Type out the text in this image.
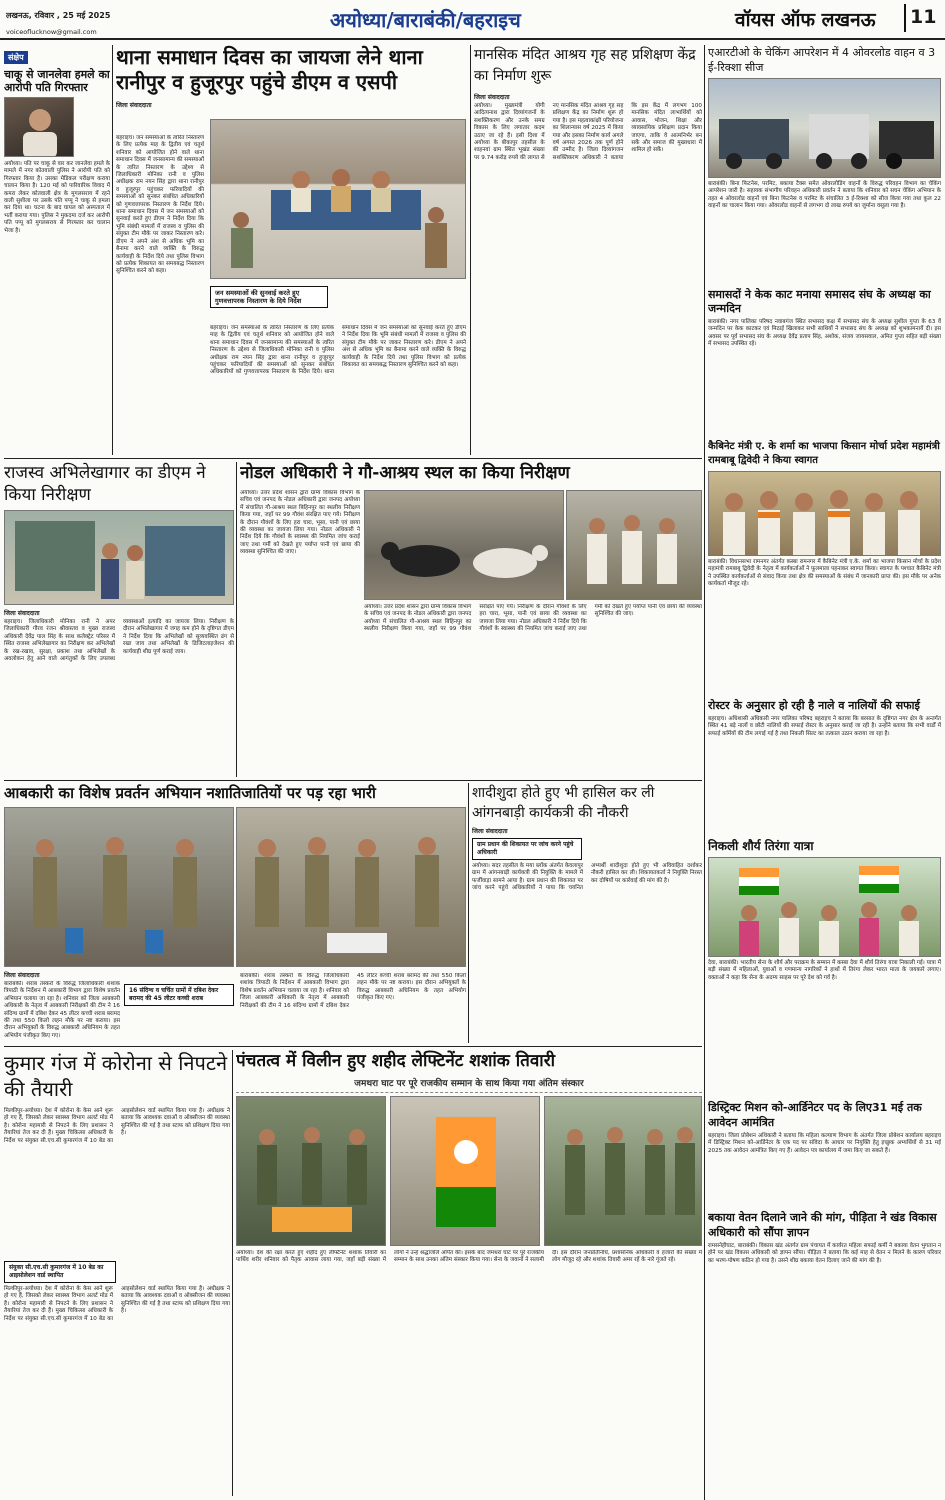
लखनऊ, रविवार , 25 मई 2025
voiceoflucknow@gmail.com	अयोध्या/बाराबंकी/बहराइच	वॉयस ऑफ लखनऊ 11
संक्षेप
चाकू से जानलेवा हमले का आरोपी पति गिरफ्तार
अयोध्या। पति पर चाकू से वार कर जानलेवा हमले के मामले में नगर कोतवाली पुलिस ने आरोपी पति को गिरफ्तार किया है। उसका मेडिकल परीक्षण कराया चालान किया है। 120 मई को पारिवारिक विवाद में कमरा लेकर कोतवाली क्षेत्र के मुगलसराय में रहने वाली सुशीला पर उसके पति पप्पू ने चाकू से हमला कर दिया था। घटना के बाद घायल को अस्पताल में भर्ती कराया गया। पुलिस ने मुकदमा दर्ज कर आरोपी पति पप्पू को मुगलसराय से गिरफ्तार कर चालान भेजा है।
थाना समाधान दिवस का जायजा लेने थाना रानीपुर व हुजूरपुर पहुंचे डीएम व एसपी
जिला संवाददाता
बहराइच। जन समस्याओं के त्वरित निस्तारण के लिए प्रत्येक माह के द्वितीय एवं चतुर्थ शनिवार को आयोजित होने वाले थाना समाधान दिवस में जनसामान्य की समस्याओं के त्वरित निस्तारण के उद्देश्य से जिलाधिकारी मोनिका रानी व पुलिस अधीक्षक राम नयन सिंह द्वारा थाना रानीपुर व हुजूरपुर पहुंचकर फरियादियों की समस्याओं को सुनकर संबंधित अधिकारियों को गुणवत्तापरक निस्तारण के निर्देश दिये। थाना समाधान दिवस में जन समस्याओं को सुनवाई करते हुए डीएम ने निर्देश दिया कि भूमि संबंधी मामलों में राजस्व व पुलिस की संयुक्त टीम मौके पर जाकर निस्तारण करे। डीएम ने अपने अंश से अधिक भूमि का बैनामा करने वाले व्यक्ति के विरुद्ध कार्यवाही के निर्देश दिये तथा पुलिस विभाग को प्रत्येक शिकायत का समयबद्ध निस्तारण सुनिश्चित करने को कहा।
जन समस्याओं की सुनवाई करते हुए गुणवत्तापरक निस्तारण के दिये निर्देश
बहराइच। जन समस्याओं के त्वरित निस्तारण के लिए प्रत्येक माह के द्वितीय एवं चतुर्थ शनिवार को आयोजित होने वाले थाना समाधान दिवस में जनसामान्य की समस्याओं के त्वरित निस्तारण के उद्देश्य से जिलाधिकारी मोनिका रानी व पुलिस अधीक्षक राम नयन सिंह द्वारा थाना रानीपुर व हुजूरपुर पहुंचकर फरियादियों की समस्याओं को सुनकर संबंधित अधिकारियों को गुणवत्तापरक निस्तारण के निर्देश दिये। थाना समाधान दिवस में जन समस्याओं को सुनवाई करते हुए डीएम ने निर्देश दिया कि भूमि संबंधी मामलों में राजस्व व पुलिस की संयुक्त टीम मौके पर जाकर निस्तारण करे। डीएम ने अपने अंश से अधिक भूमि का बैनामा करने वाले व्यक्ति के विरुद्ध कार्यवाही के निर्देश दिये तथा पुलिस विभाग को प्रत्येक शिकायत का समयबद्ध निस्तारण सुनिश्चित करने को कहा।
मानसिक मंदित आश्रय गृह सह प्रशिक्षण केंद्र का निर्माण शुरू
जिला संवाददाता
अयोध्या। मुख्यमंत्री योगी आदित्यनाथ द्वारा दिव्यांगजनों के सशक्तिकरण और उनके समग्र विकास के लिए लगातार कदम उठाए जा रहे हैं। इसी दिशा में अयोध्या के बीकापुर तहसील के शाहनवां ग्राम स्थित भूखंड संख्या पर 9.74 करोड़ रुपये की लागत से नए मानसिक मंदित आश्रय गृह सह प्रशिक्षण केंद्र का निर्माण शुरू हो गया है। इस महत्वाकांक्षी परियोजना का शिलान्यास वर्ष 2025 में किया गया और इसका निर्माण कार्य अगले वर्ष अगस्त 2026 तक पूर्ण होने की उम्मीद है। जिला दिव्यांगजन सशक्तिकरण अधिकारी ने बताया कि इस केंद्र में लगभग 100 मानसिक मंदित लाभार्थियों को आवास, भोजन, शिक्षा और व्यावसायिक प्रशिक्षण प्रदान किया जाएगा, ताकि वे आत्मनिर्भर बन सकें और समाज की मुख्यधारा में शामिल हो सकें।
एआरटीओ के चेकिंग आपरेशन में 4 ओवरलोड वाहन व 3 ई-रिक्शा सीज
बाराबंकी। बिना फिटनेस, परमिट, बकाया टैक्स समेत ओवरलोडिंग वाहनों के विरुद्ध परिवहन विभाग का चेकिंग आपरेशन जारी है। सहायक संभागीय परिवहन अधिकारी प्रवर्तन ने बताया कि शनिवार को सघन चेकिंग अभियान के तहत 4 ओवरलोड वाहनों एवं बिना फिटनेस व परमिट के संचालित 3 ई-रिक्शा को सीज किया गया तथा कुल 22 वाहनों का चालान किया गया। ओवरलोड वाहनों से लगभग दो लाख रुपये का जुर्माना वसूला गया है।
समासदों ने केक काट मनाया समासद संघ के अध्यक्ष का जन्मदिन
बाराबंकी। नगर पालिका परिषद नवाबगंज स्थित सभासद कक्ष में सभासद संघ के अध्यक्ष सुशील गुप्ता के 63 वें जन्मदिन पर केक काटकर एवं मिठाई खिलाकर सभी साथियों ने सभासद संघ के अध्यक्ष को शुभकामनायें दी। इस अवसर पर पूर्व सभासद संघ के अध्यक्ष देवेंद्र प्रताप सिंह, अशोक, संजय जायसवाल, अमित गुप्ता सहित बड़ी संख्या में सभासद उपस्थित रहे।
कैबिनेट मंत्री ए. के शर्मा का भाजपा किसान मोर्चा प्रदेश महामंत्री रामबाबू द्विवेदी ने किया स्वागत
बाराबंकी। विधानसभा रामनगर अंतर्गत कस्बा रामनगर में कैबिनेट मंत्री ए.के. शर्मा का भाजपा किसान मोर्चा के प्रदेश महामंत्री रामबाबू द्विवेदी के नेतृत्व में कार्यकर्ताओं ने फूलमाला पहनाकर स्वागत किया। स्वागत के पश्चात कैबिनेट मंत्री ने उपस्थित कार्यकर्ताओं से संवाद किया तथा क्षेत्र की समस्याओं के संबंध में जानकारी प्राप्त की। इस मौके पर अनेक कार्यकर्ता मौजूद रहे।
रोस्टर के अनुसार हो रही है नाले व नालियों की सफाई
बहराइच। अधिशासी अधिकारी नगर पालिका परिषद बहराइच ने बताया कि बरसात के दृष्टिगत नगर क्षेत्र के अन्तर्गत स्थित 41 बड़े नालों व छोटी नालियों की सफाई रोस्टर के अनुसार कराई जा रही है। उन्होंने बताया कि सभी वार्डों में सफाई कर्मियों की टीम लगाई गई है तथा निकली सिल्ट का तत्काल उठान कराया जा रहा है।
निकली शौर्य तिरंगा यात्रा
देवा, बाराबंकी। भारतीय सेना के शौर्य और पराक्रम के सम्मान में कस्बा देवा में शौर्य तिरंगा यात्रा निकाली गई। यात्रा में बड़ी संख्या में महिलाओं, युवाओं व गणमान्य नागरिकों ने हाथों में तिरंगा लेकर भारत माता के जयकारे लगाए। वक्ताओं ने कहा कि सेना के अदम्य साहस पर पूरे देश को गर्व है।
डिस्ट्रिक्ट मिशन को-आर्डिनेटर पद के लिए31 मई तक आवेदन आमंत्रित
बहराइच। जिला प्रोबेशन अधिकारी ने बताया कि महिला कल्याण विभाग के अंतर्गत जिला प्रोबेशन कार्यालय बहराइच में डिस्ट्रिक्ट मिशन को-आर्डिनेटर के एक पद पर संविदा के आधार पर नियुक्ति हेतु इच्छुक अभ्यर्थियों से 31 मई 2025 तक आवेदन आमंत्रित किए गए हैं। आवेदन पत्र कार्यालय में जमा किए जा सकते हैं।
बकाया वेतन दिलाने जाने की मांग, पीड़िता ने खंड विकास अधिकारी को सौंपा ज्ञापन
रामसनेहीघाट, बाराबंकी। विकास खंड अंतर्गत ग्राम पंचायत में कार्यरत महिला सफाई कर्मी ने बकाया वेतन भुगतान न होने पर खंड विकास अधिकारी को ज्ञापन सौंपा। पीड़िता ने बताया कि कई माह से वेतन न मिलने के कारण परिवार का भरण-पोषण कठिन हो गया है। उसने शीघ्र बकाया वेतन दिलाए जाने की मांग की है।
राजस्व अभिलेखागार का डीएम ने किया निरीक्षण
जिला संवाददाता
बहराइच। जिलाधिकारी मोनिका रानी ने अपर जिलाधिकारी गौरव रंजन श्रीवास्तव व मुख्य राजस्व अधिकारी देवेंद्र पाल सिंह के साथ कलेक्ट्रेट परिसर में स्थित राजस्व अभिलेखागार का निरीक्षण कर अभिलेखों के रख-रखाव, सुरक्षा, प्रकाश तथा अभिलेखों के अवलोकन हेतु आने वाले आगंतुकों के लिए उपलब्ध व्यवस्थाओं इत्यादि का जायजा लिया। निरीक्षण के दौरान अभिलेखागार में जगह कम होने के दृष्टिगत डीएम ने निर्देश दिया कि अभिलेखों को सुव्यवस्थित ढंग से रखा जाय तथा अभिलेखों के डिजिटलाइजेशन की कार्यवाही शीघ्र पूर्ण कराई जाय।
नोडल अधिकारी ने गौ-आश्रय स्थल का किया निरीक्षण
अयोध्या। उत्तर प्रदेश शासन द्वारा ग्राम्य विकास विभाग के सचिव एवं जनपद के नोडल अधिकारी द्वारा जनपद अयोध्या में संचालित गौ-आश्रय स्थल बिहिनपुर का स्थलीय निरीक्षण किया गया, जहाँ पर 99 गौवंश संरक्षित पाए गये। निरीक्षण के दौरान गौवंशों के लिए हरा चारा, भूसा, पानी एवं छाया की व्यवस्था का जायजा लिया गया। नोडल अधिकारी ने निर्देश दिये कि गौवंशों के स्वास्थ्य की नियमित जांच कराई जाए तथा गर्मी को देखते हुए पर्याप्त पानी एवं छाया की व्यवस्था सुनिश्चित की जाए।
अयोध्या। उत्तर प्रदेश शासन द्वारा ग्राम्य विकास विभाग के सचिव एवं जनपद के नोडल अधिकारी द्वारा जनपद अयोध्या में संचालित गौ-आश्रय स्थल बिहिनपुर का स्थलीय निरीक्षण किया गया, जहाँ पर 99 गौवंश संरक्षित पाए गये। निरीक्षण के दौरान गौवंशों के लिए हरा चारा, भूसा, पानी एवं छाया की व्यवस्था का जायजा लिया गया। नोडल अधिकारी ने निर्देश दिये कि गौवंशों के स्वास्थ्य की नियमित जांच कराई जाए तथा गर्मी को देखते हुए पर्याप्त पानी एवं छाया की व्यवस्था सुनिश्चित की जाए।
आबकारी का विशेष प्रवर्तन अभियान नशातिजातियों पर पड़ रहा भारी
जिला संवाददाता
16 संदिग्ध व चर्चित ग्रामों में दबिश देकर बरामद की 45 लीटर कच्ची शराब
बाराबंकी। शराब तस्करों के विरुद्ध जिलाधिकारी शशांक त्रिपाठी के निर्देशन में आबकारी विभाग द्वारा विशेष प्रवर्तन अभियान चलाया जा रहा है। शनिवार को जिला आबकारी अधिकारी के नेतृत्व में आबकारी निरीक्षकों की टीम ने 16 संदिग्ध ग्रामों में दबिश देकर 45 लीटर कच्ची शराब बरामद की तथा 550 किलो लहन मौके पर नष्ट कराया। इस दौरान अभियुक्तों के विरुद्ध आबकारी अधिनियम के तहत अभियोग पंजीकृत किए गए।
बाराबंकी। शराब तस्करों के विरुद्ध जिलाधिकारी शशांक त्रिपाठी के निर्देशन में आबकारी विभाग द्वारा विशेष प्रवर्तन अभियान चलाया जा रहा है। शनिवार को जिला आबकारी अधिकारी के नेतृत्व में आबकारी निरीक्षकों की टीम ने 16 संदिग्ध ग्रामों में दबिश देकर 45 लीटर कच्ची शराब बरामद की तथा 550 किलो लहन मौके पर नष्ट कराया। इस दौरान अभियुक्तों के विरुद्ध आबकारी अधिनियम के तहत अभियोग पंजीकृत किए गए।
शादीशुदा होते हुए भी हासिल कर ली आंगनबाड़ी कार्यकत्री की नौकरी
जिला संवाददाता
ग्राम प्रधान की शिकायत पर जांच करने पहुंचे अधिकारी
अयोध्या। सदर तहसील के मया ब्लॉक अंतर्गत केवलापुर ग्राम में आंगनबाड़ी कार्यकत्री की नियुक्ति के मामले में फर्जीवाड़ा सामने आया है। ग्राम प्रधान की शिकायत पर जांच करने पहुंचे अधिकारियों ने पाया कि चयनित अभ्यर्थी शादीशुदा होते हुए भी अविवाहित दर्शाकर नौकरी हासिल कर ली। शिकायतकर्ता ने नियुक्ति निरस्त कर दोषियों पर कार्रवाई की मांग की है।
कुमार गंज में कोरोना से निपटने की तैयारी
मिल्कीपुर-अयोध्या। देश में कोरोना के केस आने शुरू हो गए हैं, जिसको लेकर स्वास्थ्य विभाग अलर्ट मोड में है। कोरोना महामारी से निपटने के लिए प्रशासन ने तैयारियां तेज कर दी हैं। मुख्य चिकित्सा अधिकारी के निर्देश पर संयुक्त सी.एच.सी कुमारगंज में 10 बेड का आइसोलेशन वार्ड स्थापित किया गया है। अधीक्षक ने बताया कि आवश्यक दवाओं व ऑक्सीजन की व्यवस्था सुनिश्चित की गई है तथा स्टाफ को प्रशिक्षण दिया गया है।
संयुक्त सी.एच.सी कुमारगंज में 10 बेड का आइसोलेशन वार्ड स्थापित
मिल्कीपुर-अयोध्या। देश में कोरोना के केस आने शुरू हो गए हैं, जिसको लेकर स्वास्थ्य विभाग अलर्ट मोड में है। कोरोना महामारी से निपटने के लिए प्रशासन ने तैयारियां तेज कर दी हैं। मुख्य चिकित्सा अधिकारी के निर्देश पर संयुक्त सी.एच.सी कुमारगंज में 10 बेड का आइसोलेशन वार्ड स्थापित किया गया है। अधीक्षक ने बताया कि आवश्यक दवाओं व ऑक्सीजन की व्यवस्था सुनिश्चित की गई है तथा स्टाफ को प्रशिक्षण दिया गया है।
पंचतत्व में विलीन हुए शहीद लेफ्टिनेंट शशांक तिवारी
जमथरा घाट पर पूरे राजकीय सम्मान के साथ किया गया अंतिम संस्कार
अयोध्या। देश की रक्षा करते हुए शहीद हुए लेफ्टिनेंट शशांक तिवारी का पार्थिव शरीर शनिवार को पैतृक आवास लाया गया, जहाँ बड़ी संख्या में लोगों ने उन्हें श्रद्धांजलि अर्पित की। इसके बाद जमथरा घाट पर पूरे राजकीय सम्मान के साथ उनका अंतिम संस्कार किया गया। सेना के जवानों ने सलामी दी। इस दौरान जनप्रतिनिधि, प्रशासनिक अधिकारी व हजारों की संख्या में लोग मौजूद रहे और शशांक तिवारी अमर रहें के नारे गूंजते रहे।
